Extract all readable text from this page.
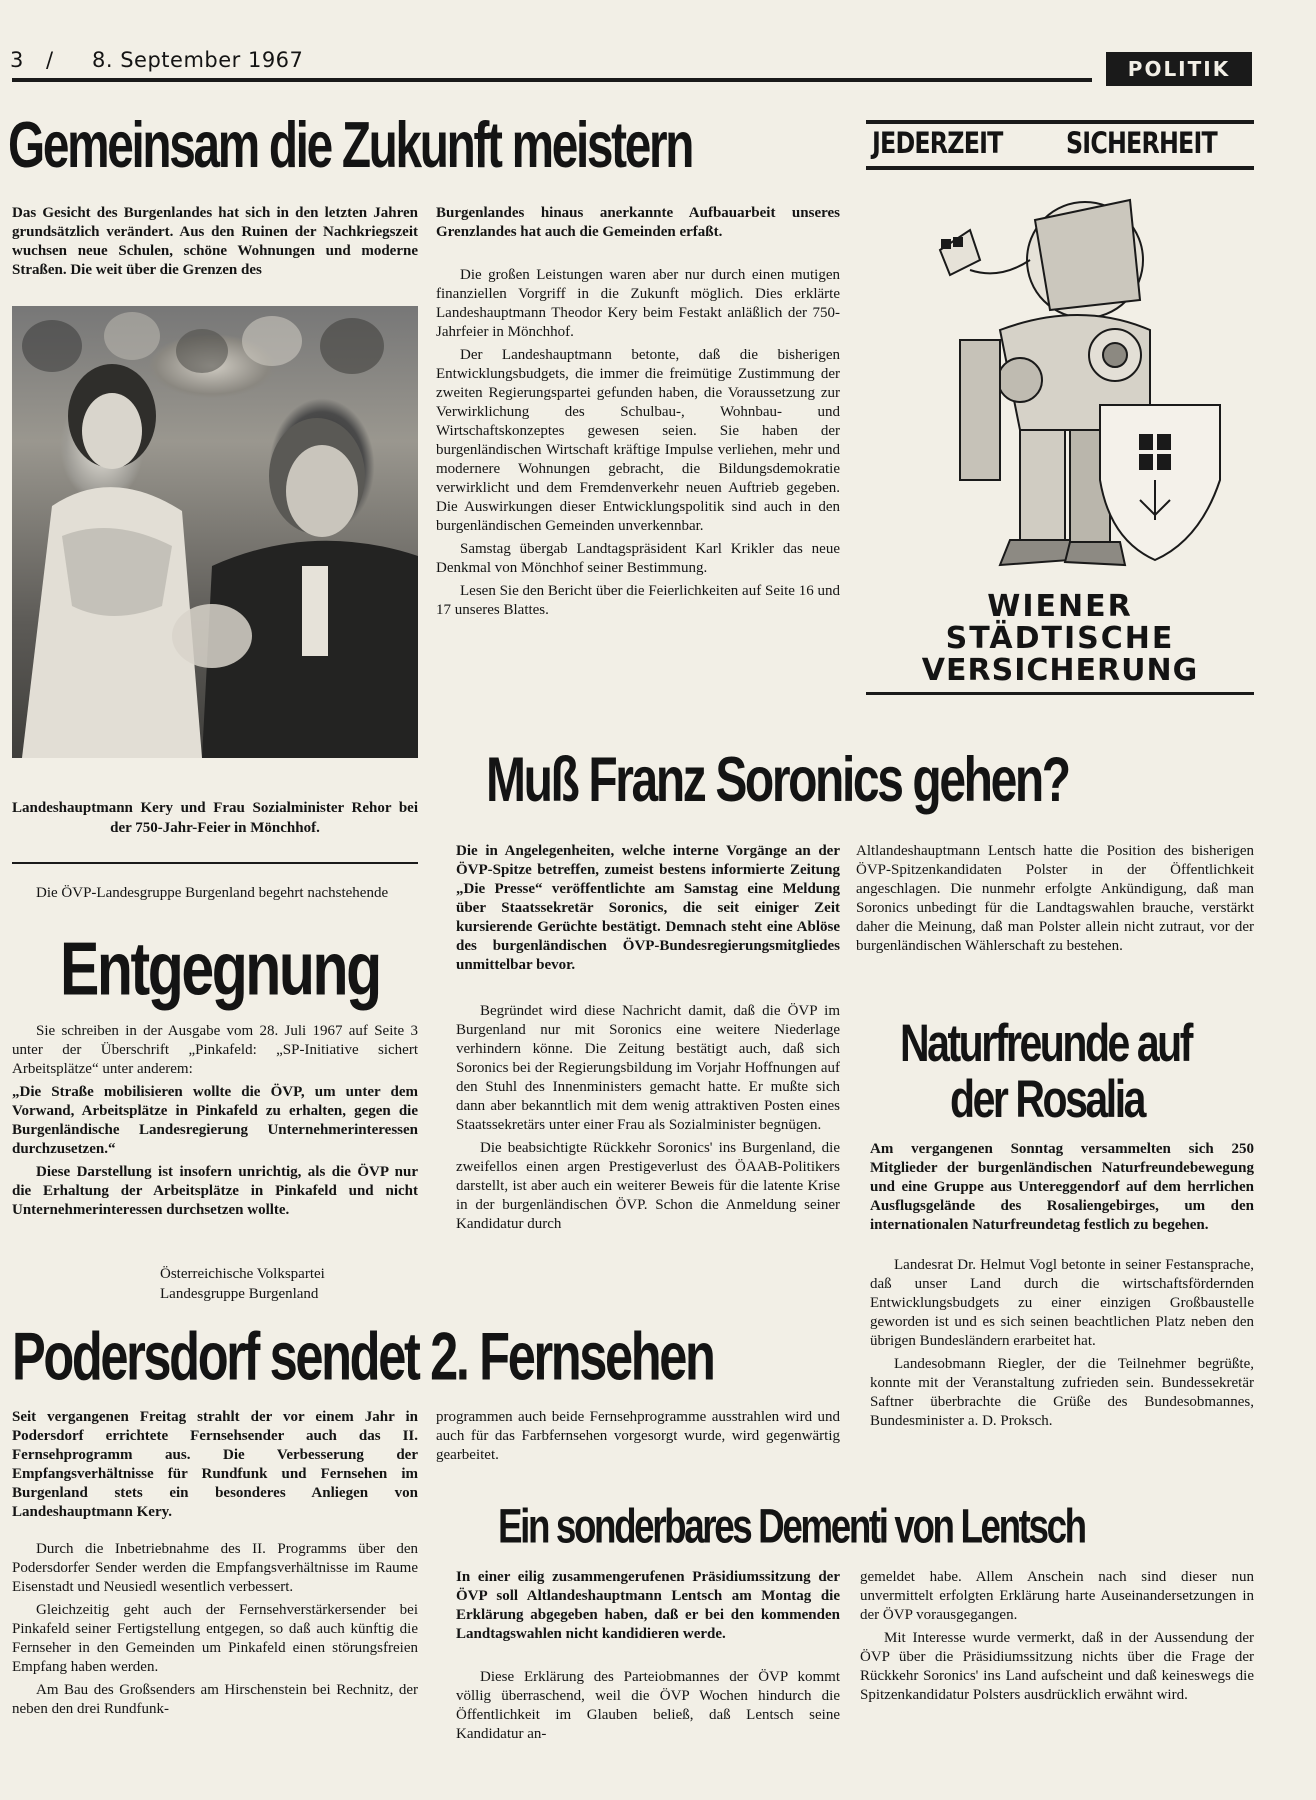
3 / 8. September 1967	POLITIK
Gemeinsam die Zukunft meistern
Das Gesicht des Burgenlandes hat sich in den letzten Jahren grundsätzlich verändert. Aus den Ruinen der Nachkriegszeit wuchsen neue Schulen, schöne Wohnungen und moderne Straßen. Die weit über die Grenzen des
Landeshauptmann Kery und Frau Sozialminister Rehor bei der 750-Jahr-Feier in Mönchhof.
Burgenlandes hinaus anerkannte Aufbauarbeit unseres Grenzlandes hat auch die Gemeinden erfaßt.

Die großen Leistungen waren aber nur durch einen mutigen finanziellen Vorgriff in die Zukunft möglich. Dies erklärte Landeshauptmann Theodor Kery beim Festakt anläßlich der 750-Jahrfeier in Mönchhof.

Der Landeshauptmann betonte, daß die bisherigen Entwicklungsbudgets, die immer die freimütige Zustimmung der zweiten Regierungspartei gefunden haben, die Voraussetzung zur Verwirklichung des Schulbau-, Wohnbau- und Wirtschaftskonzeptes gewesen seien. Sie haben der burgenländischen Wirtschaft kräftige Impulse verliehen, mehr und modernere Wohnungen gebracht, die Bildungsdemokratie verwirklicht und dem Fremdenverkehr neuen Auftrieb gegeben. Die Auswirkungen dieser Entwicklungspolitik sind auch in den burgenländischen Gemeinden unverkennbar.

Samstag übergab Landtagspräsident Karl Krikler das neue Denkmal von Mönchhof seiner Bestimmung.

Lesen Sie den Bericht über die Feierlichkeiten auf Seite 16 und 17 unseres Blattes.

JEDERZEIT SICHERHEIT
WIENER
STÄDTISCHE
VERSICHERUNG
Muß Franz Soronics gehen?
Die in Angelegenheiten, welche interne Vorgänge an der ÖVP-Spitze betreffen, zumeist bestens informierte Zeitung „Die Presse“ veröffentlichte am Samstag eine Meldung über Staatssekretär Soronics, die seit einiger Zeit kursierende Gerüchte bestätigt. Demnach steht eine Ablöse des burgenländischen ÖVP-Bundesregierungsmitgliedes unmittelbar bevor.

Begründet wird diese Nachricht damit, daß die ÖVP im Burgenland nur mit Soronics eine weitere Niederlage verhindern könne. Die Zeitung bestätigt auch, daß sich Soronics bei der Regierungsbildung im Vorjahr Hoffnungen auf den Stuhl des Innenministers gemacht hatte. Er mußte sich dann aber bekanntlich mit dem wenig attraktiven Posten eines Staatssekretärs unter einer Frau als Sozialminister begnügen.

Die beabsichtigte Rückkehr Soronics' ins Burgenland, die zweifellos einen argen Prestigeverlust des ÖAAB-Politikers darstellt, ist aber auch ein weiterer Beweis für die latente Krise in der burgenländischen ÖVP. Schon die Anmeldung seiner Kandidatur durch

Altlandeshauptmann Lentsch hatte die Position des bisherigen ÖVP-Spitzenkandidaten Polster in der Öffentlichkeit angeschlagen. Die nunmehr erfolgte Ankündigung, daß man Soronics unbedingt für die Landtagswahlen brauche, verstärkt daher die Meinung, daß man Polster allein nicht zutraut, vor der burgenländischen Wählerschaft zu bestehen.
Die ÖVP-Landesgruppe Burgenland begehrt nachstehende
Entgegnung

Sie schreiben in der Ausgabe vom 28. Juli 1967 auf Seite 3 unter der Überschrift „Pinkafeld: „SP-Initiative sichert Arbeitsplätze“ unter anderem:

„Die Straße mobilisieren wollte die ÖVP, um unter dem Vorwand, Arbeitsplätze in Pinkafeld zu erhalten, gegen die Burgenländische Landesregierung Unternehmerinteressen durchzusetzen.“

Diese Darstellung ist insofern unrichtig, als die ÖVP nur die Erhaltung der Arbeitsplätze in Pinkafeld und nicht Unternehmerinteressen durchsetzen wollte.

Österreichische Volkspartei
Landesgruppe Burgenland
Naturfreunde auf
der Rosalia
Am vergangenen Sonntag versammelten sich 250 Mitglieder der burgenländischen Naturfreundebewegung und eine Gruppe aus Untereggendorf auf dem herrlichen Ausflugsgelände des Rosaliengebirges, um den internationalen Naturfreundetag festlich zu begehen.

Landesrat Dr. Helmut Vogl betonte in seiner Festansprache, daß unser Land durch die wirtschaftsfördernden Entwicklungsbudgets zu einer einzigen Großbaustelle geworden ist und es sich seinen beachtlichen Platz neben den übrigen Bundesländern erarbeitet hat.

Landesobmann Riegler, der die Teilnehmer begrüßte, konnte mit der Veranstaltung zufrieden sein. Bundessekretär Saftner überbrachte die Grüße des Bundesobmannes, Bundesminister a. D. Proksch.

Podersdorf sendet 2. Fernsehen
Seit vergangenen Freitag strahlt der vor einem Jahr in Podersdorf errichtete Fernsehsender auch das II. Fernsehprogramm aus. Die Verbesserung der Empfangsverhältnisse für Rundfunk und Fernsehen im Burgenland stets ein besonderes Anliegen von Landeshauptmann Kery.

Durch die Inbetriebnahme des II. Programms über den Podersdorfer Sender werden die Empfangsverhältnisse im Raume Eisenstadt und Neusiedl wesentlich verbessert.

Gleichzeitig geht auch der Fernsehverstärkersender bei Pinkafeld seiner Fertigstellung entgegen, so daß auch künftig die Fernseher in den Gemeinden um Pinkafeld einen störungsfreien Empfang haben werden.

Am Bau des Großsenders am Hirschenstein bei Rechnitz, der neben den drei Rundfunk-

programmen auch beide Fernsehprogramme ausstrahlen wird und auch für das Farbfernsehen vorgesorgt wurde, wird gegenwärtig gearbeitet.
Ein sonderbares Dementi von Lentsch
In einer eilig zusammengerufenen Präsidiumssitzung der ÖVP soll Altlandeshauptmann Lentsch am Montag die Erklärung abgegeben haben, daß er bei den kommenden Landtagswahlen nicht kandidieren werde.

Diese Erklärung des Parteiobmannes der ÖVP kommt völlig überraschend, weil die ÖVP Wochen hindurch die Öffentlichkeit im Glauben beließ, daß Lentsch seine Kandidatur an-

gemeldet habe. Allem Anschein nach sind dieser nun unvermittelt erfolgten Erklärung harte Auseinandersetzungen in der ÖVP vorausgegangen.

Mit Interesse wurde vermerkt, daß in der Aussendung der ÖVP über die Präsidiumssitzung nichts über die Frage der Rückkehr Soronics' ins Land aufscheint und daß keineswegs die Spitzenkandidatur Polsters ausdrücklich erwähnt wird.
